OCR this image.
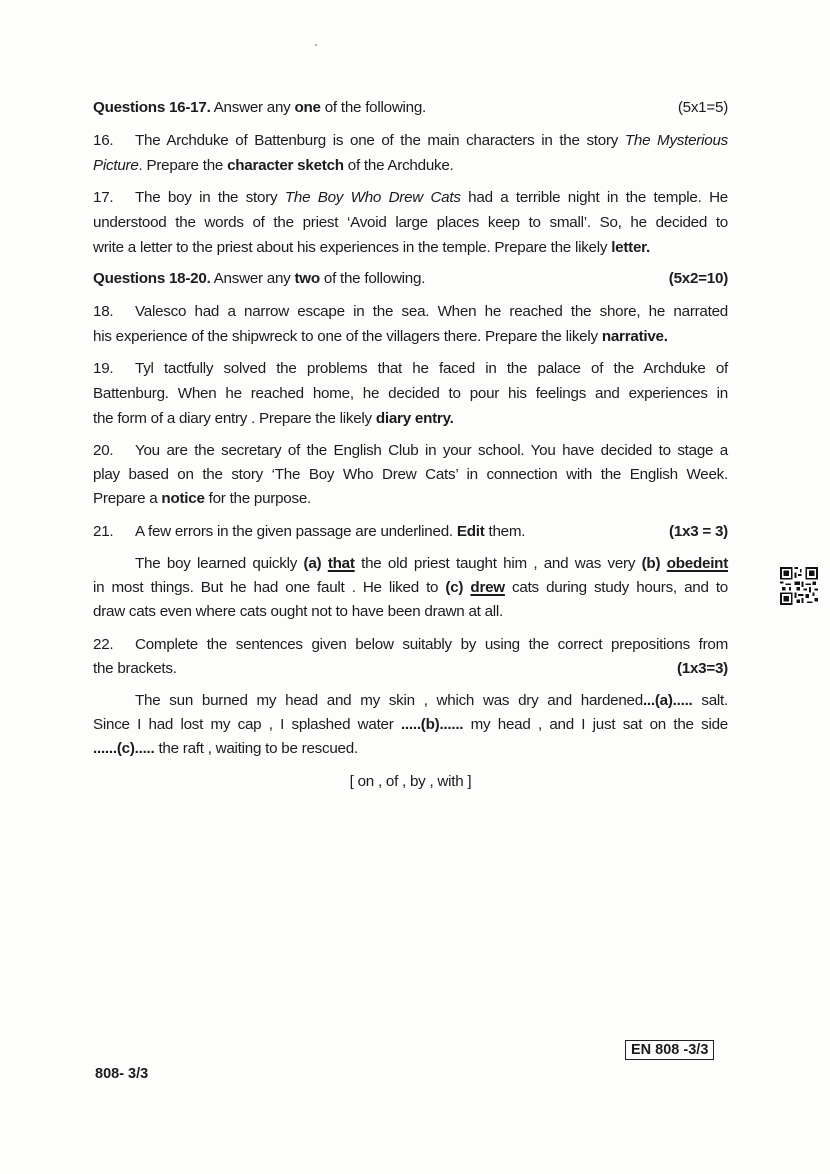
Questions 16-17. Answer any one of the following.	(5x1=5)
16. The Archduke of Battenburg is one of the main characters in the story The Mysterious
Picture. Prepare the character sketch of the Archduke.
17. The boy in the story The Boy Who Drew Cats had a terrible night in the temple. He
understood the words of the priest ‘Avoid large places keep to small’. So, he decided to
write a letter to the priest about his experiences in the temple. Prepare the likely letter.
Questions 18-20. Answer any two of the following.	(5x2=10)
18. Valesco had a narrow escape in the sea. When he reached the shore, he narrated
his experience of the shipwreck to one of the villagers there. Prepare the likely narrative.
19. Tyl tactfully solved the problems that he faced in the palace of the Archduke of
Battenburg. When he reached home, he decided to pour his feelings and experiences in
the form of a diary entry . Prepare the likely diary entry.
20. You are the secretary of the English Club in your school. You have decided to stage a
play based on the story ‘The Boy Who Drew Cats’ in connection with the English Week.
Prepare a notice for the purpose.
21. A few errors in the given passage are underlined. Edit them.	(1x3 = 3)
The boy learned quickly (a) that the old priest taught him , and was very (b) obedeint
in most things. But he had one fault . He liked to (c) drew cats during study hours, and to
draw cats even where cats ought not to have been drawn at all.
22. Complete the sentences given below suitably by using the correct prepositions from
the brackets.	(1x3=3)
The sun burned my head and my skin , which was dry and hardened...(a)..... salt.
Since I had lost my cap , I splashed water .....(b)...... my head , and I just sat on the side
......(c)..... the raft , waiting to be rescued.
[ on , of , by , with ]
EN 808 -3/3
808- 3/3
